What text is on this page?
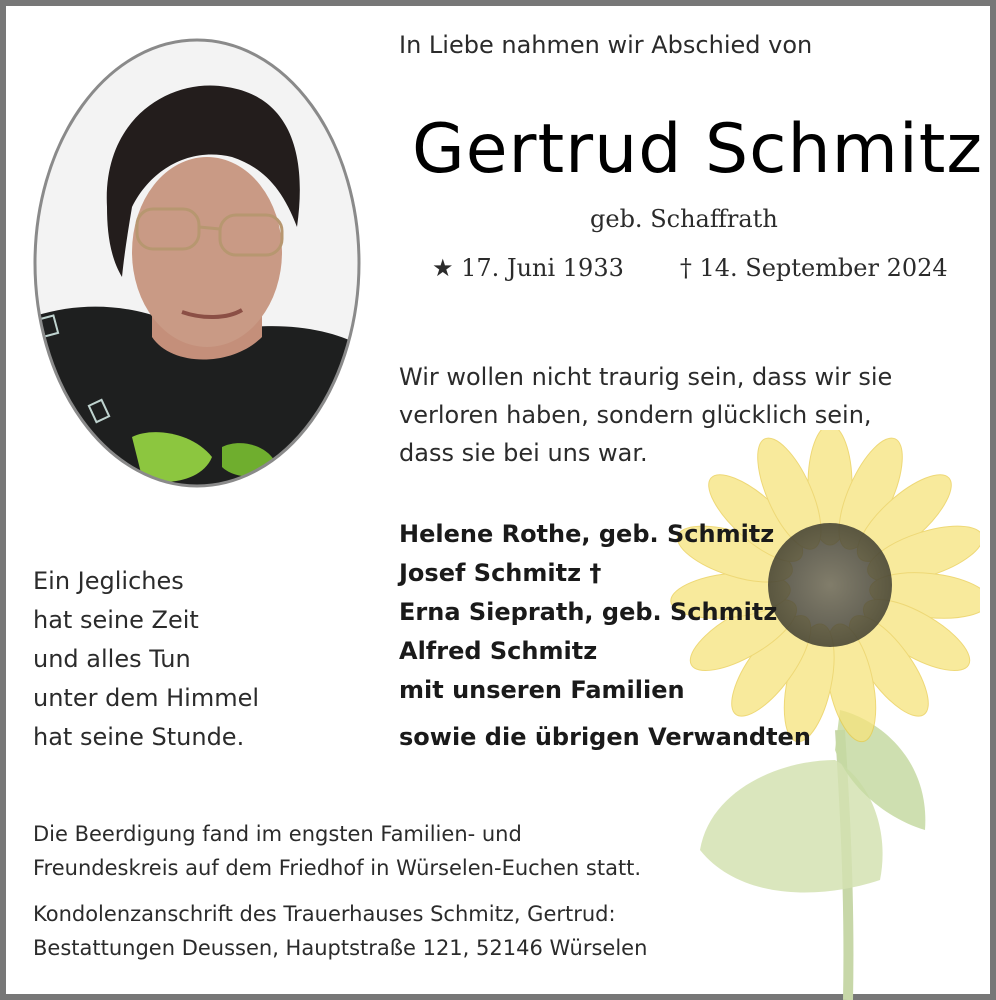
In Liebe nahmen wir Abschied von

Gertrud Schmitz

geb. Schaffrath

★ 17. Juni 1933 † 14. September 2024

Wir wollen nicht traurig sein, dass wir sie
verloren haben, sondern glücklich sein,
dass sie bei uns war.

Helene Rothe, geb. Schmitz
Josef Schmitz †
Erna Sieprath, geb. Schmitz
Alfred Schmitz
mit unseren Familien
sowie die übrigen Verwandten

Ein Jegliches
hat seine Zeit
und alles Tun
unter dem Himmel
hat seine Stunde.

Die Beerdigung fand im engsten Familien- und
Freundeskreis auf dem Friedhof in Würselen-Euchen statt.

Kondolenzanschrift des Trauerhauses Schmitz, Gertrud:
Bestattungen Deussen, Hauptstraße 121, 52146 Würselen
